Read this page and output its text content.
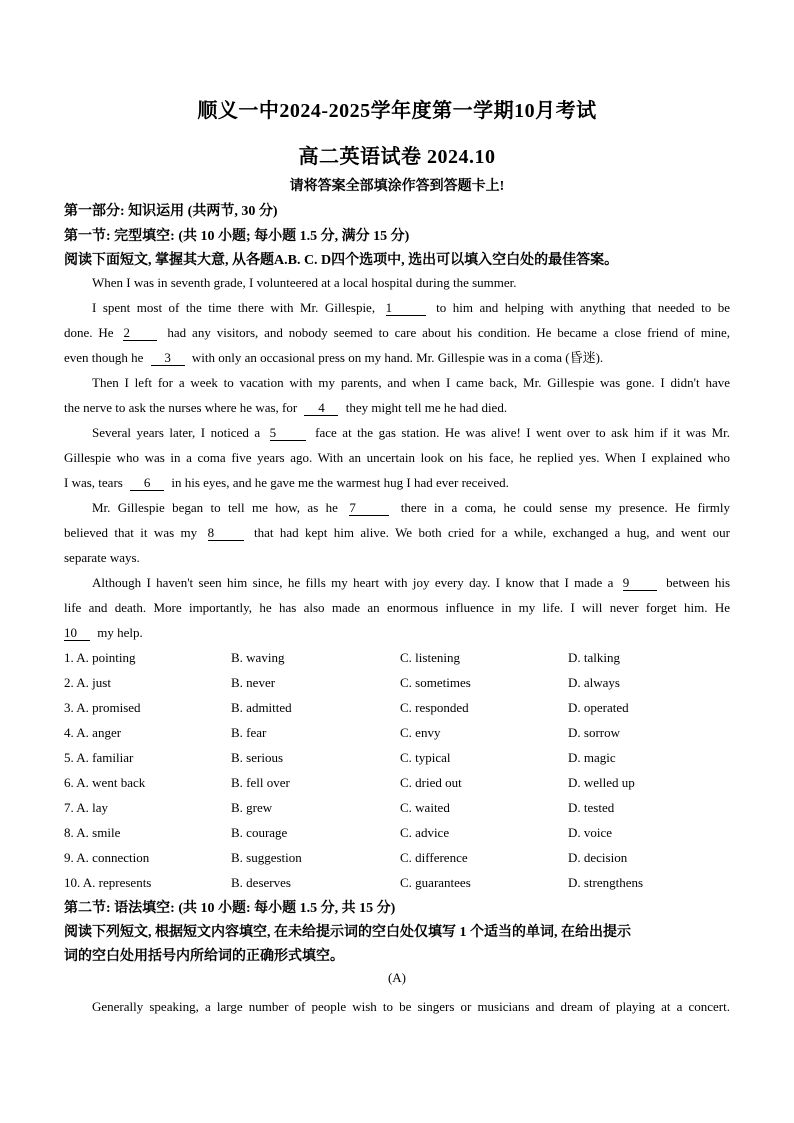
顺义一中2024-2025学年度第一学期10月考试
高二英语试卷 2024.10
请将答案全部填涂作答到答题卡上!
第一部分: 知识运用 (共两节, 30 分)
第一节: 完型填空: (共 10 小题; 每小题 1.5 分, 满分 15 分)
阅读下面短文, 掌握其大意, 从各题A.B. C. D四个选项中, 选出可以填入空白处的最佳答案。
When I was in seventh grade, I volunteered at a local hospital during the summer.
I spent most of the time there with Mr. Gillespie, 1	to him and helping with anything that needed to be
done. He 2	had any visitors, and nobody seemed to care about his condition. He became a close friend of mine,
even though he 3 with only an occasional press on my hand. Mr. Gillespie was in a coma (昏迷).
Then I left for a week to vacation with my parents, and when I came back, Mr. Gillespie was gone. I didn't have
the nerve to ask the nurses where he was, for 4 they might tell me he had died.
Several years later, I noticed a 5	face at the gas station. He was alive! I went over to ask him if it was Mr.
Gillespie who was in a coma five years ago. With an uncertain look on his face, he replied yes. When I explained who
I was, tears 6 in his eyes, and he gave me the warmest hug I had ever received.
Mr. Gillespie began to tell me how, as he 7	there in a coma, he could sense my presence. He firmly
believed that it was my 8	that had kept him alive. We both cried for a while, exchanged a hug, and went our
separate ways.
Although I haven't seen him since, he fills my heart with joy every day. I know that I made a 9	between his
life and death. More importantly, he has also made an enormous influence in my life. I will never forget him. He
10 my help.
1. A. pointing	B. waving	C. listening	D. talking
2. A. just	B. never	C. sometimes	D. always
3. A. promised	B. admitted	C. responded	D. operated
4. A. anger	B. fear	C. envy	D. sorrow
5. A. familiar	B. serious	C. typical	D. magic
6. A. went back	B. fell over	C. dried out	D. welled up
7. A. lay	B. grew	C. waited	D. tested
8. A. smile	B. courage	C. advice	D. voice
9. A. connection	B. suggestion	C. difference	D. decision
10. A. represents	B. deserves	C. guarantees	D. strengthens
第二节: 语法填空: (共 10 小题: 每小题 1.5 分, 共 15 分)
阅读下列短文, 根据短文内容填空, 在未给提示词的空白处仅填写 1 个适当的单词, 在给出提示
词的空白处用括号内所给词的正确形式填空。
(A)
Generally speaking, a large number of people wish to be singers or musicians and dream of playing at a concert.
